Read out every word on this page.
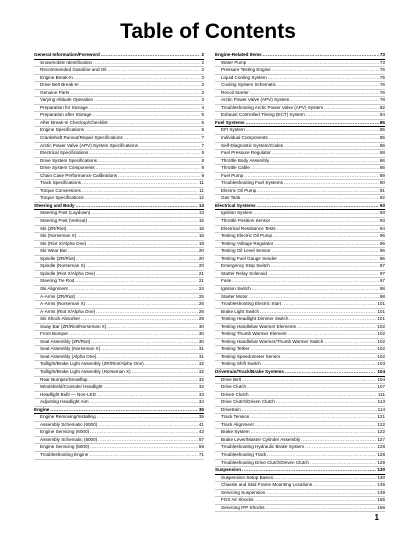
Table of Contents
General Information/Foreword .....	2
Snowmobile Identification .....	2
Recommended Gasoline and Oil .....	2
Engine Break-In .....	3
Drive Belt Break-In .....	3
Genuine Parts .....	3
Varying Altitude Operation .....	3
Preparation for Storage .....	4
Preparation after Storage .....	5
After Break-In Checkup/Checklist .....	6
Engine Specifications .....	6
Crankshaft Runout/Repair Specifications .....	7
Arctic Power Valve (APV) System Specifications .....	7
Electrical Specifications .....	8
Drive System Specifications .....	8
Drive System Components .....	8
Chain Case Performance Calibrations .....	9
Track Specifications .....	11
Torque Conversions .....	11
Torque Specifications .....	12
Steering and Body .....	13
Steering Post (Laydown) .....	13
Steering Post (Vertical) .....	15
Ski (ZR/Riot) .....	18
Ski (Norseman X) .....	18
Ski (Riot X/Alpha One) .....	19
Ski Wear Bar .....	20
Spindle (ZR/Riot) .....	20
Spindle (Norseman X) .....	20
Spindle (Riot X/Alpha One) .....	21
Steering Tie Rod .....	21
Ski Alignment .....	24
A-Arms (ZR/Riot) .....	25
A-Arms (Norseman X) .....	26
A-Arms (Riot X/Alpha One) .....	28
Ski Shock Absorber .....	29
Sway Bar (ZR/Riot/Norseman X) .....	30
Front Bumper .....	30
Seat Assembly (ZR/Riot) .....	30
Seat Assembly (Norseman X) .....	31
Seat Assembly (Alpha One) .....	31
Taillight/Brake Light Assembly (ZR/Riot/Alpha One) .....	32
Taillight/Brake Light Assembly (Norseman X) .....	32
Rear Bumper/Snowflap .....	32
Windshield/Console/ Headlight .....	32
Headlight Bulb — Non-LED .....	33
Adjusting Headlight Aim .....	34
Engine .....	35
Engine Removing/Installing .....	35
Assembly Schematic (6000) .....	41
Engine Servicing (6000) .....	43
Assembly Schematic (8000) .....	57
Engine Servicing (8000) .....	59
Troubleshooting Engine .....	71
Engine-Related Items .....	73
Water Pump .....	73
Pressure Testing Engine .....	75
Liquid Cooling System .....	75
Cooling System Schematic .....	76
Recoil Starter .....	76
Arctic Power Valve (APV) System .....	78
Troubleshooting Arctic Power Valve (APV) System .....	82
Exhaust Controlled Timing (ECT) System .....	84
Fuel Systems .....	85
EFI System .....	85
Individual Components .....	85
Self-Diagnostic System/Codes .....	86
Fuel Pressure Regulator .....	88
Throttle Body Assembly .....	86
Throttle Cable .....	86
Fuel Pump .....	89
Troubleshooting Fuel Systems .....	90
Electric Oil Pump .....	91
Gas Tank .....	92
Electrical Systems .....	93
Ignition System .....	93
Throttle Position Sensor .....	93
Electrical Resistance Tests .....	94
Testing Electric Oil Pump .....	96
Testing Voltage Regulator .....	96
Testing Oil Level Sensor .....	96
Testing Fuel Gauge Sender .....	96
Emergency Stop Switch .....	97
Starter Relay Solenoid .....	97
Fuse .....	97
Ignition Switch .....	98
Starter Motor .....	98
Troubleshooting Electric Start .....	101
Brake Light Switch .....	101
Testing Headlight Dimmer Switch .....	101
Testing Handlebar Warmer Elements .....	102
Testing Thumb Warmer Element .....	102
Testing Handlebar Warmer/Thumb Warmer Switch .....	102
Testing Tether .....	102
Testing Speedometer Sensor .....	102
Testing Shift Switch .....	103
Drivetrain/Track/Brake Systems .....	104
Drive Belt .....	104
Drive Clutch .....	107
Driven Clutch .....	111
Drive Clutch/Driven Clutch .....	113
Drivetrain .....	114
Track Tension .....	121
Track Alignment .....	122
Brake System .....	122
Brake Lever/Master Cylinder Assembly .....	127
Troubleshooting Hydraulic Brake System .....	128
Troubleshooting Track .....	128
Troubleshooting Drive Clutch/Driven Clutch .....	129
Suspension .....	130
Suspension Setup Basics .....	130
Chassis and Skid Frame Mounting Locations .....	136
Servicing Suspension .....	139
FOX Air Shocks .....	155
Servicing IFP Shocks .....	156
1
